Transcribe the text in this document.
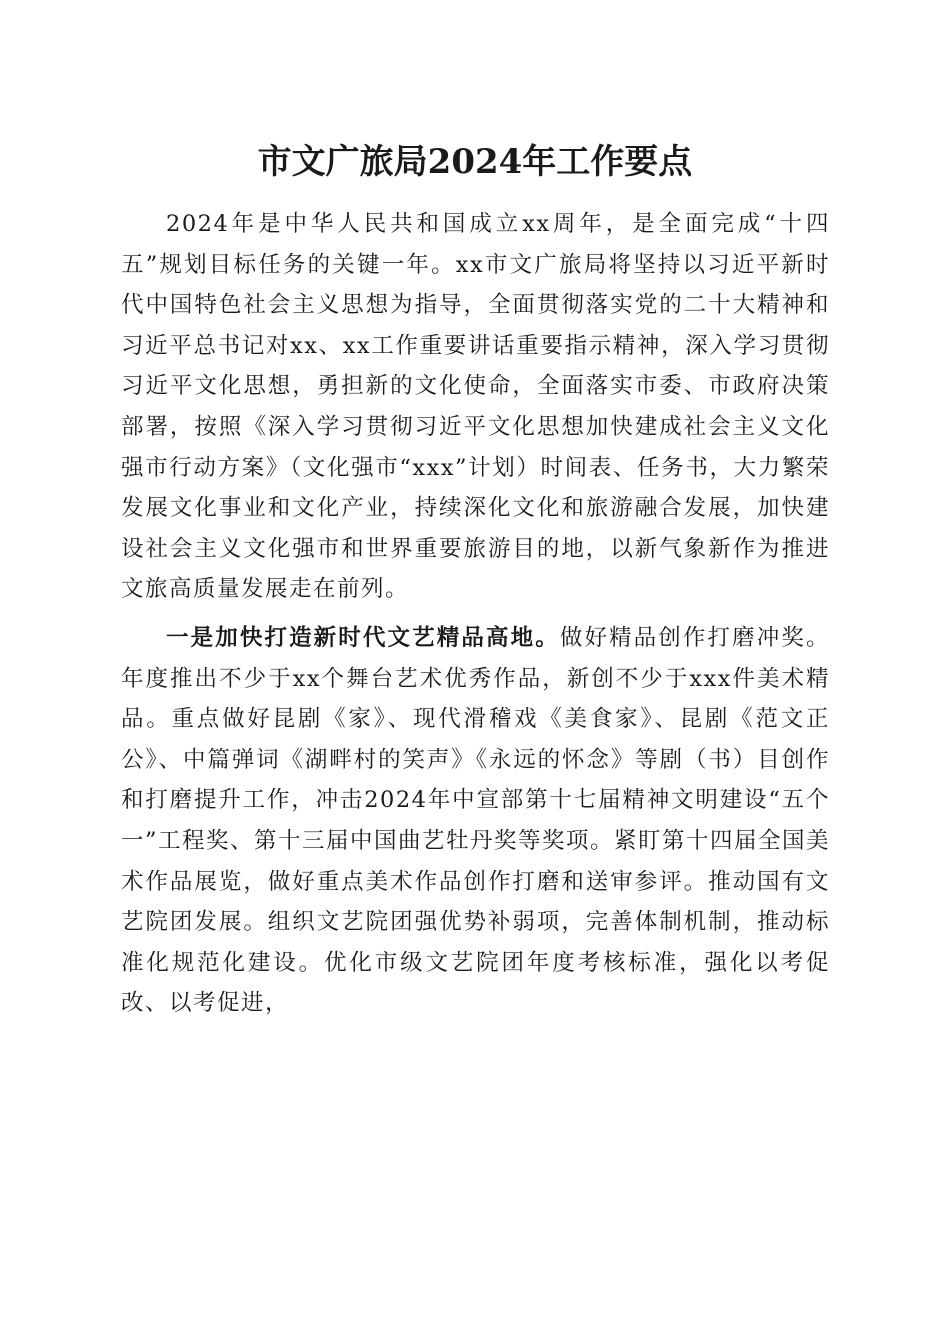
市文广旅局2024年工作要点

2024年是中华人民共和国成立xx周年，是全面完成“十四五”规划目标任务的关键一年。xx市文广旅局将坚持以习近平新时代中国特色社会主义思想为指导，全面贯彻落实党的二十大精神和习近平总书记对xx、xx工作重要讲话重要指示精神，深入学习贯彻习近平文化思想，勇担新的文化使命，全面落实市委、市政府决策部署，按照《深入学习贯彻习近平文化思想加快建成社会主义文化强市行动方案》（文化强市“xxx”计划）时间表、任务书，大力繁荣发展文化事业和文化产业，持续深化文化和旅游融合发展，加快建设社会主义文化强市和世界重要旅游目的地，以新气象新作为推进文旅高质量发展走在前列。

一是加快打造新时代文艺精品高地。做好精品创作打磨冲奖。年度推出不少于xx个舞台艺术优秀作品，新创不少于xxx件美术精品。重点做好昆剧《家》、现代滑稽戏《美食家》、昆剧《范文正公》、中篇弹词《湖畔村的笑声》《永远的怀念》等剧（书）目创作和打磨提升工作，冲击2024年中宣部第十七届精神文明建设“五个一”工程奖、第十三届中国曲艺牡丹奖等奖项。紧盯第十四届全国美术作品展览，做好重点美术作品创作打磨和送审参评。推动国有文艺院团发展。组织文艺院团强优势补弱项，完善体制机制，推动标准化规范化建设。优化市级文艺院团年度考核标准，强化以考促改、以考促进，
